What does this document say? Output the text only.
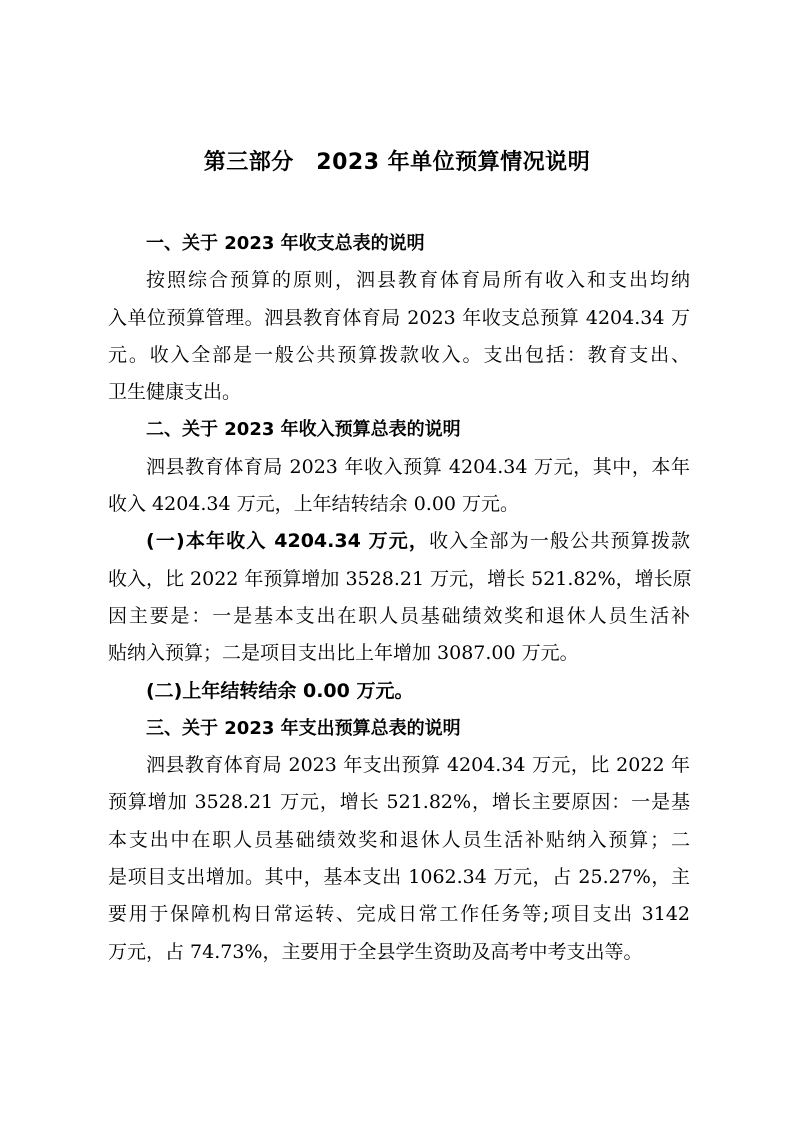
第三部分　2023 年单位预算情况说明
一、关于 2023 年收支总表的说明
按照综合预算的原则，泗县教育体育局所有收入和支出均纳
入单位预算管理。泗县教育体育局 2023 年收支总预算 4204.34 万
元。收入全部是一般公共预算拨款收入。支出包括：教育支出、
卫生健康支出。
二、关于 2023 年收入预算总表的说明
泗县教育体育局 2023 年收入预算 4204.34 万元，其中，本年
收入 4204.34 万元，上年结转结余 0.00 万元。
(一)本年收入 4204.34 万元，收入全部为一般公共预算拨款
收入，比 2022 年预算增加 3528.21 万元，增长 521.82%，增长原
因主要是：一是基本支出在职人员基础绩效奖和退休人员生活补
贴纳入预算；二是项目支出比上年增加 3087.00 万元。
(二)上年结转结余 0.00 万元。
三、关于 2023 年支出预算总表的说明
泗县教育体育局 2023 年支出预算 4204.34 万元，比 2022 年
预算增加 3528.21 万元，增长 521.82%，增长主要原因：一是基
本支出中在职人员基础绩效奖和退休人员生活补贴纳入预算；二
是项目支出增加。其中，基本支出 1062.34 万元，占 25.27%，主
要用于保障机构日常运转、完成日常工作任务等;项目支出 3142
万元，占 74.73%，主要用于全县学生资助及高考中考支出等。
